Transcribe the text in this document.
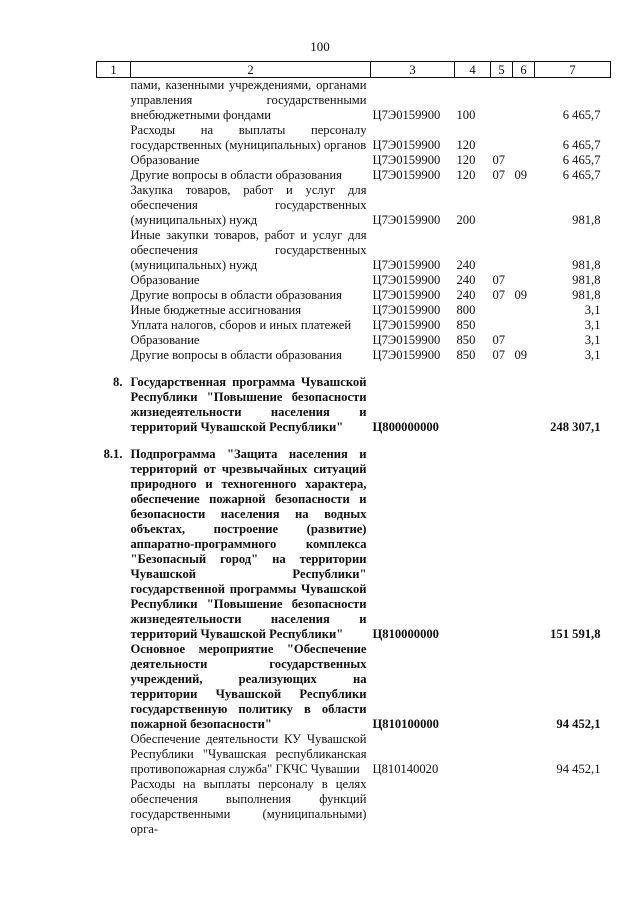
100
1	2	3	4	5	6	7
	пами, казенными учреждениями, органами управления государственными внебюджетными фондами	Ц7Э0159900	100			6 465,7
	Расходы на выплаты персоналу государственных (муниципальных) органов	Ц7Э0159900	120			6 465,7
	Образование	Ц7Э0159900	120	07		6 465,7
	Другие вопросы в области образования	Ц7Э0159900	120	07	09	6 465,7
	Закупка товаров, работ и услуг для обеспечения государственных (муниципальных) нужд	Ц7Э0159900	200			981,8
	Иные закупки товаров, работ и услуг для обеспечения государственных (муниципальных) нужд	Ц7Э0159900	240			981,8
	Образование	Ц7Э0159900	240	07		981,8
	Другие вопросы в области образования	Ц7Э0159900	240	07	09	981,8
	Иные бюджетные ассигнования	Ц7Э0159900	800			3,1
	Уплата налогов, сборов и иных платежей	Ц7Э0159900	850			3,1
	Образование	Ц7Э0159900	850	07		3,1
	Другие вопросы в области образования	Ц7Э0159900	850	07	09	3,1

8.	Государственная программа Чувашской Республики "Повышение безопасности жизнедеятельности населения и территорий Чувашской Республики"	Ц800000000				248 307,1

8.1.	Подпрограмма "Защита населения и территорий от чрезвычайных ситуаций природного и техногенного характера, обеспечение пожарной безопасности и безопасности населения на водных объектах, построение (развитие) аппаратно-программного комплекса "Безопасный город" на территории Чувашской Республики" государственной программы Чувашской Республики "Повышение безопасности жизнедеятельности населения и территорий Чувашской Республики"	Ц810000000				151 591,8
	Основное мероприятие "Обеспечение деятельности государственных учреждений, реализующих на территории Чувашской Республики государственную политику в области пожарной безопасности"	Ц810100000				94 452,1
	Обеспечение деятельности КУ Чувашской Республики "Чувашская республиканская противопожарная служба" ГКЧС Чувашии	Ц810140020				94 452,1
	Расходы на выплаты персоналу в целях обеспечения выполнения функций государственными (муниципальными) орга-					
